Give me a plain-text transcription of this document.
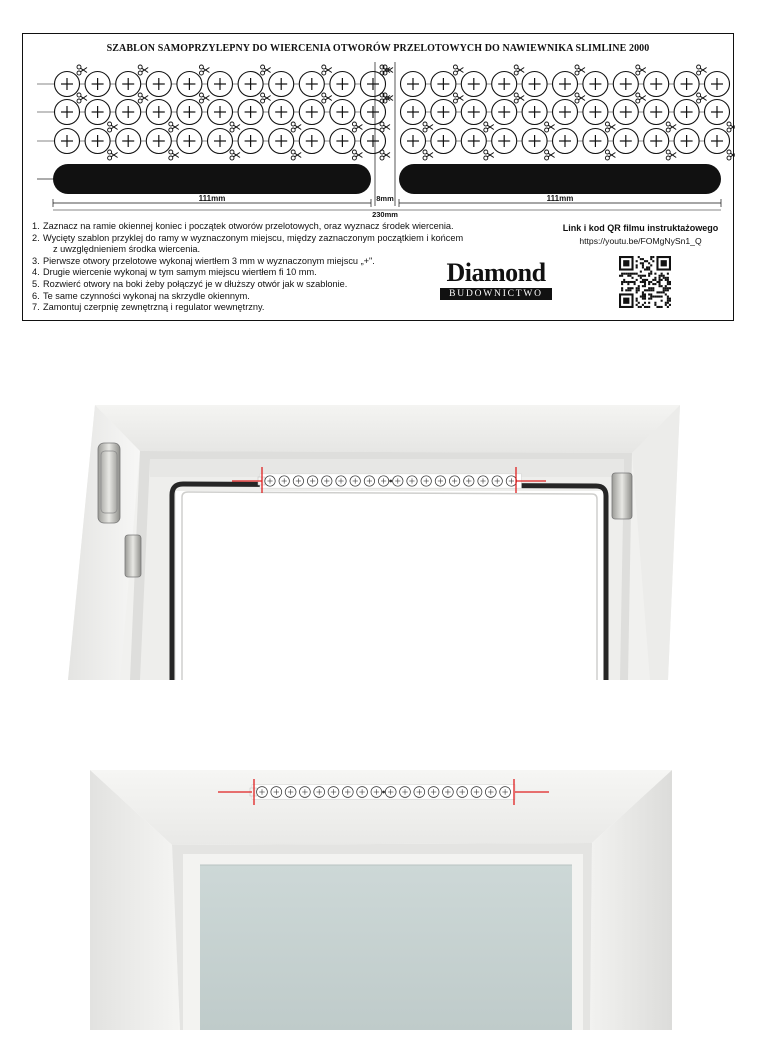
SZABLON SAMOPRZYLEPNY DO WIERCENIA OTWORÓW PRZELOTOWYCH DO NAWIEWNIKA SLIMLINE 2000
111mm	8mm	111mm
230mm
1. Zaznacz na ramie okiennej koniec i początek otworów przelotowych, oraz wyznacz środek wiercenia.
2. Wycięty szablon przyklej do ramy w wyznaczonym miejscu, między zaznaczonym początkiem i końcem
z uwzględnieniem środka wiercenia.
3. Pierwsze otwory przelotowe wykonaj wiertłem 3 mm w wyznaczonym miejscu „+".
4. Drugie wiercenie wykonaj w tym samym miejscu wiertłem fi 10 mm.
5. Rozwierć otwory na boki żeby połączyć je w dłuższy otwór jak w szablonie.
6. Te same czynności wykonaj na skrzydle okiennym.
7. Zamontuj czerpnię zewnętrzną i regulator wewnętrzny.
Link i kod QR filmu instruktażowego
https://youtu.be/FOMgNySn1_Q
Diamond
BUDOWNICTWO
